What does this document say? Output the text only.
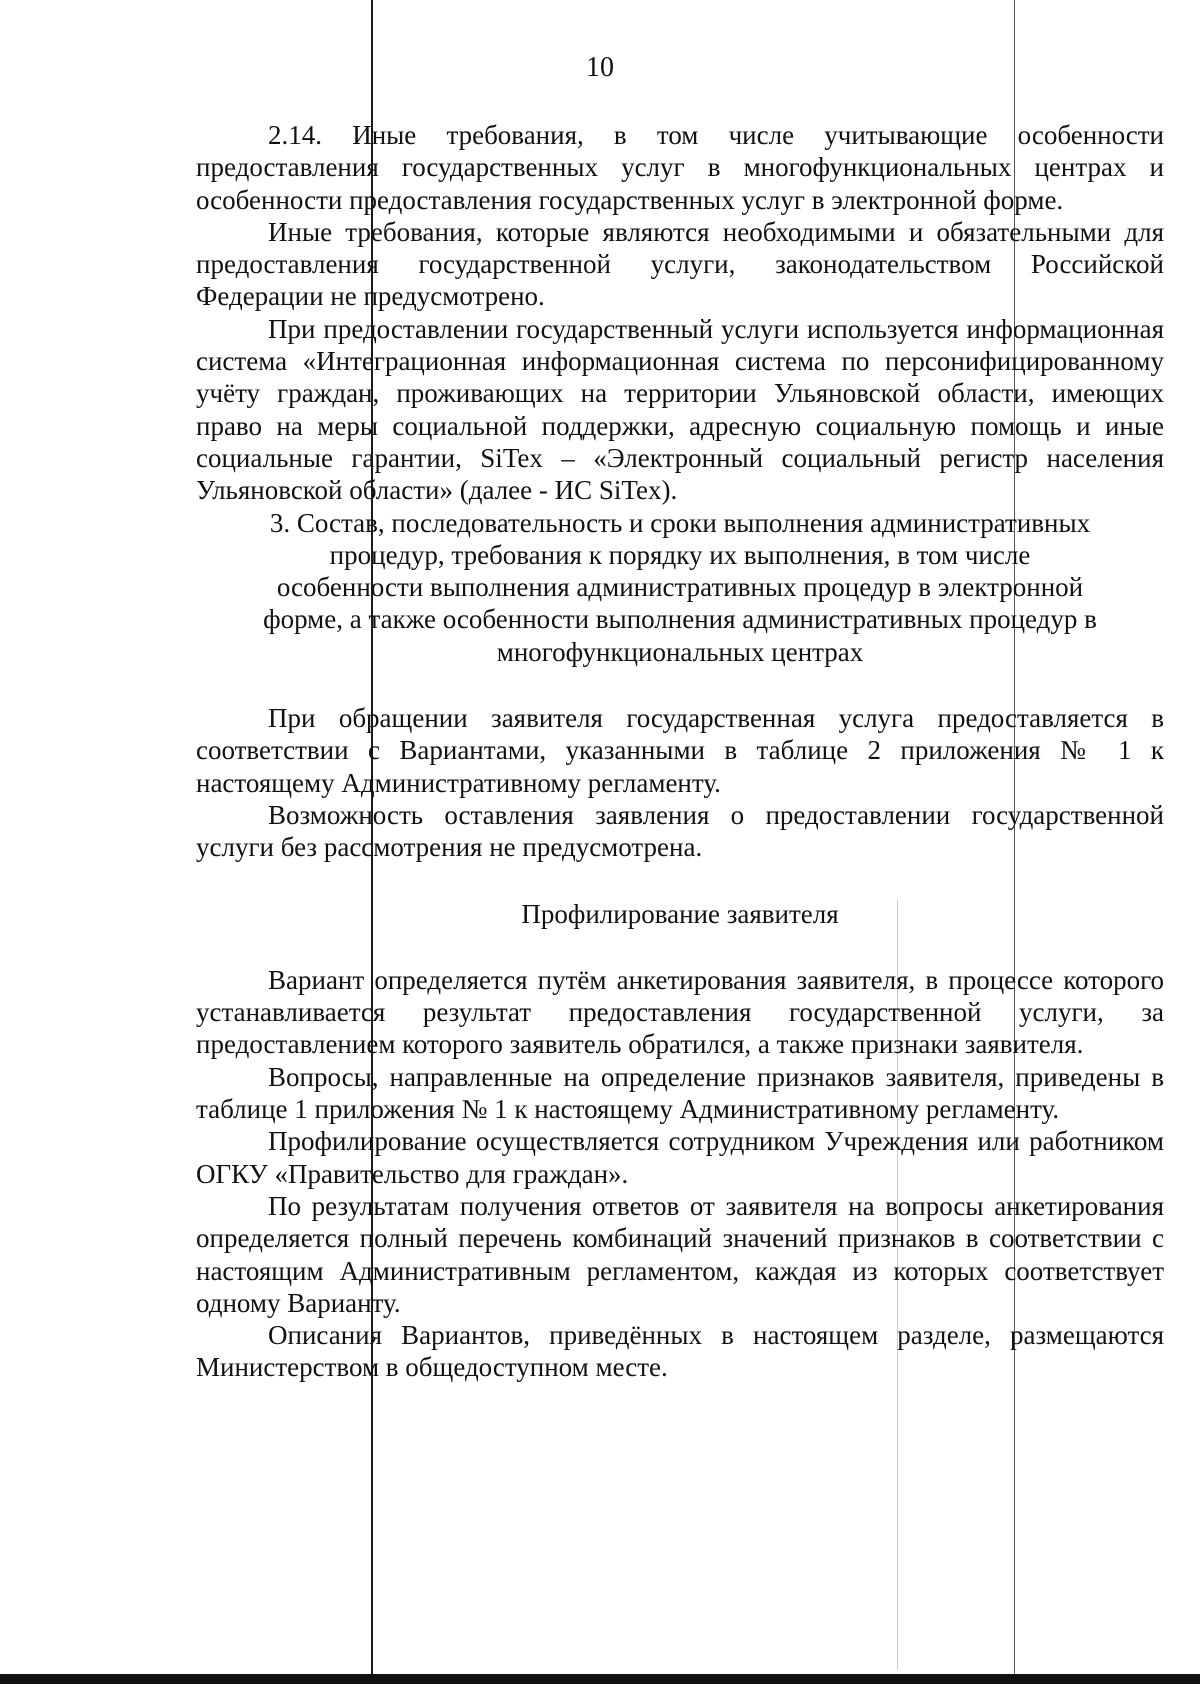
10

2.14. Иные требования, в том числе учитывающие особенности предоставления государственных услуг в многофункциональных центрах и особенности предоставления государственных услуг в электронной форме.

Иные требования, которые являются необходимыми и обязательными для предоставления государственной услуги, законодательством Российской Федерации не предусмотрено.

При предоставлении государственный услуги используется информационная система «Интеграционная информационная система по персонифицированному учёту граждан, проживающих на территории Ульяновской области, имеющих право на меры социальной поддержки, адресную социальную помощь и иные социальные гарантии, SiTex – «Электронный социальный регистр населения Ульяновской области» (далее - ИС SiTex).

3. Состав, последовательность и сроки выполнения административных процедур, требования к порядку их выполнения, в том числе особенности выполнения административных процедур в электронной форме, а также особенности выполнения административных процедур в многофункциональных центрах

При обращении заявителя государственная услуга предоставляется в соответствии с Вариантами, указанными в таблице 2 приложения № 1 к настоящему Административному регламенту.

Возможность оставления заявления о предоставлении государственной услуги без рассмотрения не предусмотрена.

Профилирование заявителя

Вариант определяется путём анкетирования заявителя, в процессе которого устанавливается результат предоставления государственной услуги, за предоставлением которого заявитель обратился, а также признаки заявителя.

Вопросы, направленные на определение признаков заявителя, приведены в таблице 1 приложения № 1 к настоящему Административному регламенту.

Профилирование осуществляется сотрудником Учреждения или работником ОГКУ «Правительство для граждан».

По результатам получения ответов от заявителя на вопросы анкетирования определяется полный перечень комбинаций значений признаков в соответствии с настоящим Административным регламентом, каждая из которых соответствует одному Варианту.

Описания Вариантов, приведённых в настоящем разделе, размещаются Министерством в общедоступном месте.
